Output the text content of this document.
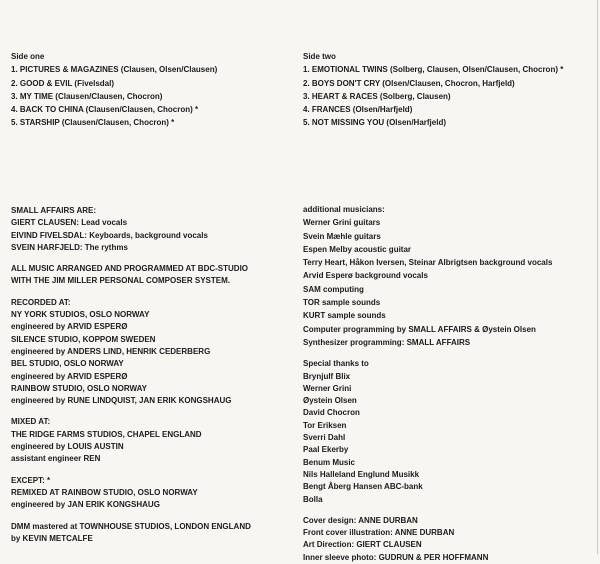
Side one
1. PICTURES & MAGAZINES (Clausen, Olsen/Clausen)
2. GOOD & EVIL (Fivelsdal)
3. MY TIME (Clausen/Clausen, Chocron)
4. BACK TO CHINA (Clausen/Clausen, Chocron) *
5. STARSHIP (Clausen/Clausen, Chocron) *
Side two
1. EMOTIONAL TWINS (Solberg, Clausen, Olsen/Clausen, Chocron) *
2. BOYS DON'T CRY (Olsen/Clausen, Chocron, Harfjeld)
3. HEART & RACES (Solberg, Clausen)
4. FRANCES (Olsen/Harfjeld)
5. NOT MISSING YOU (Olsen/Harfjeld)
SMALL AFFAIRS ARE:
GIERT CLAUSEN: Lead vocals
EIVIND FIVELSDAL: Keyboards, background vocals
SVEIN HARFJELD: The rythms
ALL MUSIC ARRANGED AND PROGRAMMED AT BDC-STUDIO
WITH THE JIM MILLER PERSONAL COMPOSER SYSTEM.
RECORDED AT:
NY YORK STUDIOS, OSLO NORWAY
engineered by ARVID ESPERØ
SILENCE STUDIO, KOPPOM SWEDEN
engineered by ANDERS LIND, HENRIK CEDERBERG
BEL STUDIO, OSLO NORWAY
engineered by ARVID ESPERØ
RAINBOW STUDIO, OSLO NORWAY
engineered by RUNE LINDQUIST, JAN ERIK KONGSHAUG
MIXED AT:
THE RIDGE FARMS STUDIOS, CHAPEL ENGLAND
engineered by LOUIS AUSTIN
assistant engineer REN
EXCEPT: *
REMIXED AT RAINBOW STUDIO, OSLO NORWAY
engineered by JAN ERIK KONGSHAUG
DMM mastered at TOWNHOUSE STUDIOS, LONDON ENGLAND
by KEVIN METCALFE
additional musicians:
Werner Grini guitars
Svein Mæhle guitars
Espen Melby acoustic guitar
Terry Heart, Håkon Iversen, Steinar Albrigtsen background vocals
Arvid Esperø background vocals
SAM computing
TOR sample sounds
KURT sample sounds
Computer programming by SMALL AFFAIRS & Øystein Olsen
Synthesizer programming: SMALL AFFAIRS
Special thanks to
Brynjulf Blix
Werner Grini
Øystein Olsen
David Chocron
Tor Eriksen
Sverri Dahl
Paal Ekerby
Benum Music
Nils Halleland Englund Musikk
Bengt Åberg Hansen ABC-bank
Bolla
Cover design: ANNE DURBAN
Front cover illustration: ANNE DURBAN
Art Direction: GIERT CLAUSEN
Inner sleeve photo: GUDRUN & PER HOFFMANN
